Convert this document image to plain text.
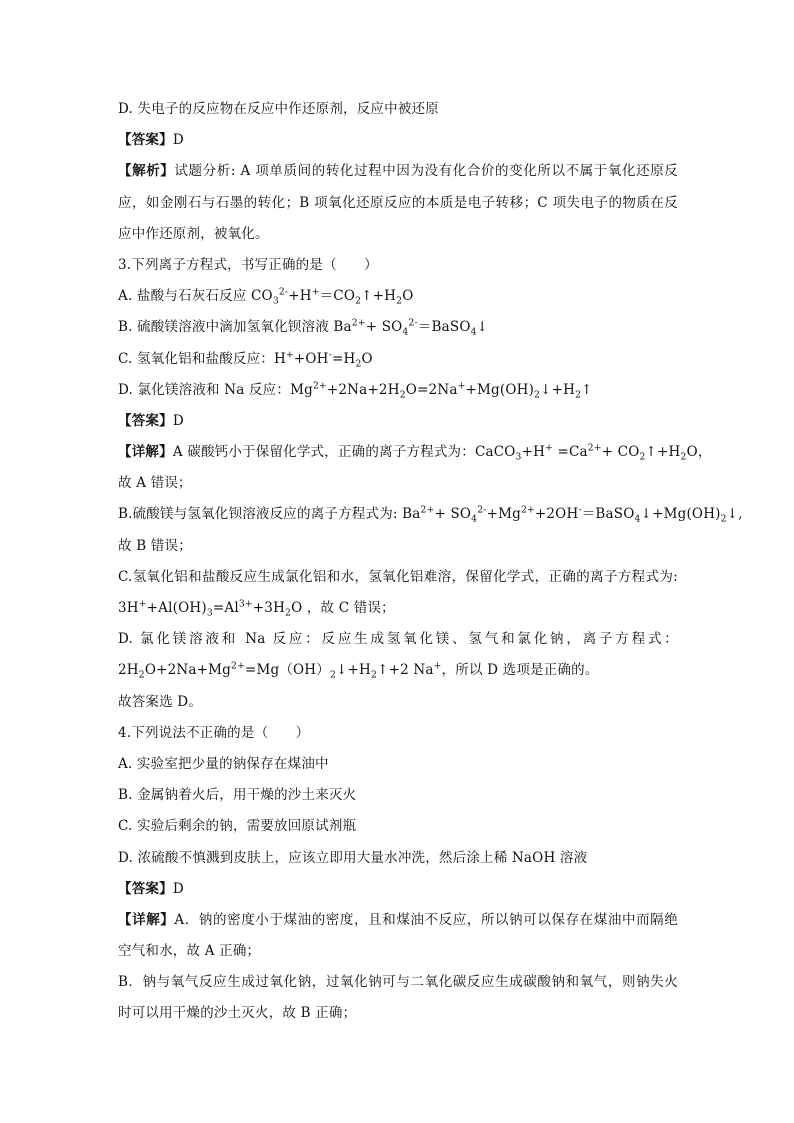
D. 失电子的反应物在反应中作还原剂，反应中被还原
【答案】D
【解析】试题分析: A 项单质间的转化过程中因为没有化合价的变化所以不属于氧化还原反
应，如金刚石与石墨的转化；B 项氧化还原反应的本质是电子转移；C 项失电子的物质在反
应中作还原剂，被氧化。
3.下列离子方程式，书写正确的是（　　）
A. 盐酸与石灰石反应 $CO_3^{2-}+H^+=CO_2↑+H_2O$
B. 硫酸镁溶液中滴加氢氧化钡溶液 $Ba^{2+}+$ $SO_4^{2-}=BaSO_4↓$
C. 氢氧化铝和盐酸反应：$H^++OH^-=H_2O$
D. 氯化镁溶液和 Na 反应：$Mg^{2+}+2Na+2H_2O=2Na^++Mg(OH)_2↓+H_2↑$
【答案】D
【详解】A 碳酸钙小于保留化学式，正确的离子方程式为：CaCO$_3$+H+ $=Ca^{2+}+$ $CO_2↑+H_2O$，
故 A 错误；
B.硫酸镁与氢氧化钡溶液反应的离子方程式为: $Ba^{2+}+$ $SO_4^{2-}+Mg^{2+}+2OH^-=BaSO_4↓+Mg(OH)_2↓$,
故 B 错误；
C.氢氧化铝和盐酸反应生成氯化铝和水，氢氧化铝难溶，保留化学式，正确的离子方程式为:
$3H^++Al(OH)_3=Al^{3+}+3H_2O$ ，故 C 错误；
D. 氯化镁溶液和 Na 反应：反应生成氢氧化镁、氢气和氯化钠，离子方程式：
$2H_2O+2Na+Mg^{2+}=Mg(OH)_2↓+H_2↑+2$ Na+，所以 D 选项是正确的。
故答案选 D。
4.下列说法不正确的是（　　）
A. 实验室把少量的钠保存在煤油中
B. 金属钠着火后，用干燥的沙土来灭火
C. 实验后剩余的钠，需要放回原试剂瓶
D. 浓硫酸不慎溅到皮肤上，应该立即用大量水冲洗，然后涂上稀 NaOH 溶液
【答案】D
【详解】A．钠的密度小于煤油的密度，且和煤油不反应，所以钠可以保存在煤油中而隔绝
空气和水，故 A 正确；
B．钠与氧气反应生成过氧化钠，过氧化钠可与二氧化碳反应生成碳酸钠和氧气，则钠失火
时可以用干燥的沙土灭火，故 B 正确；
